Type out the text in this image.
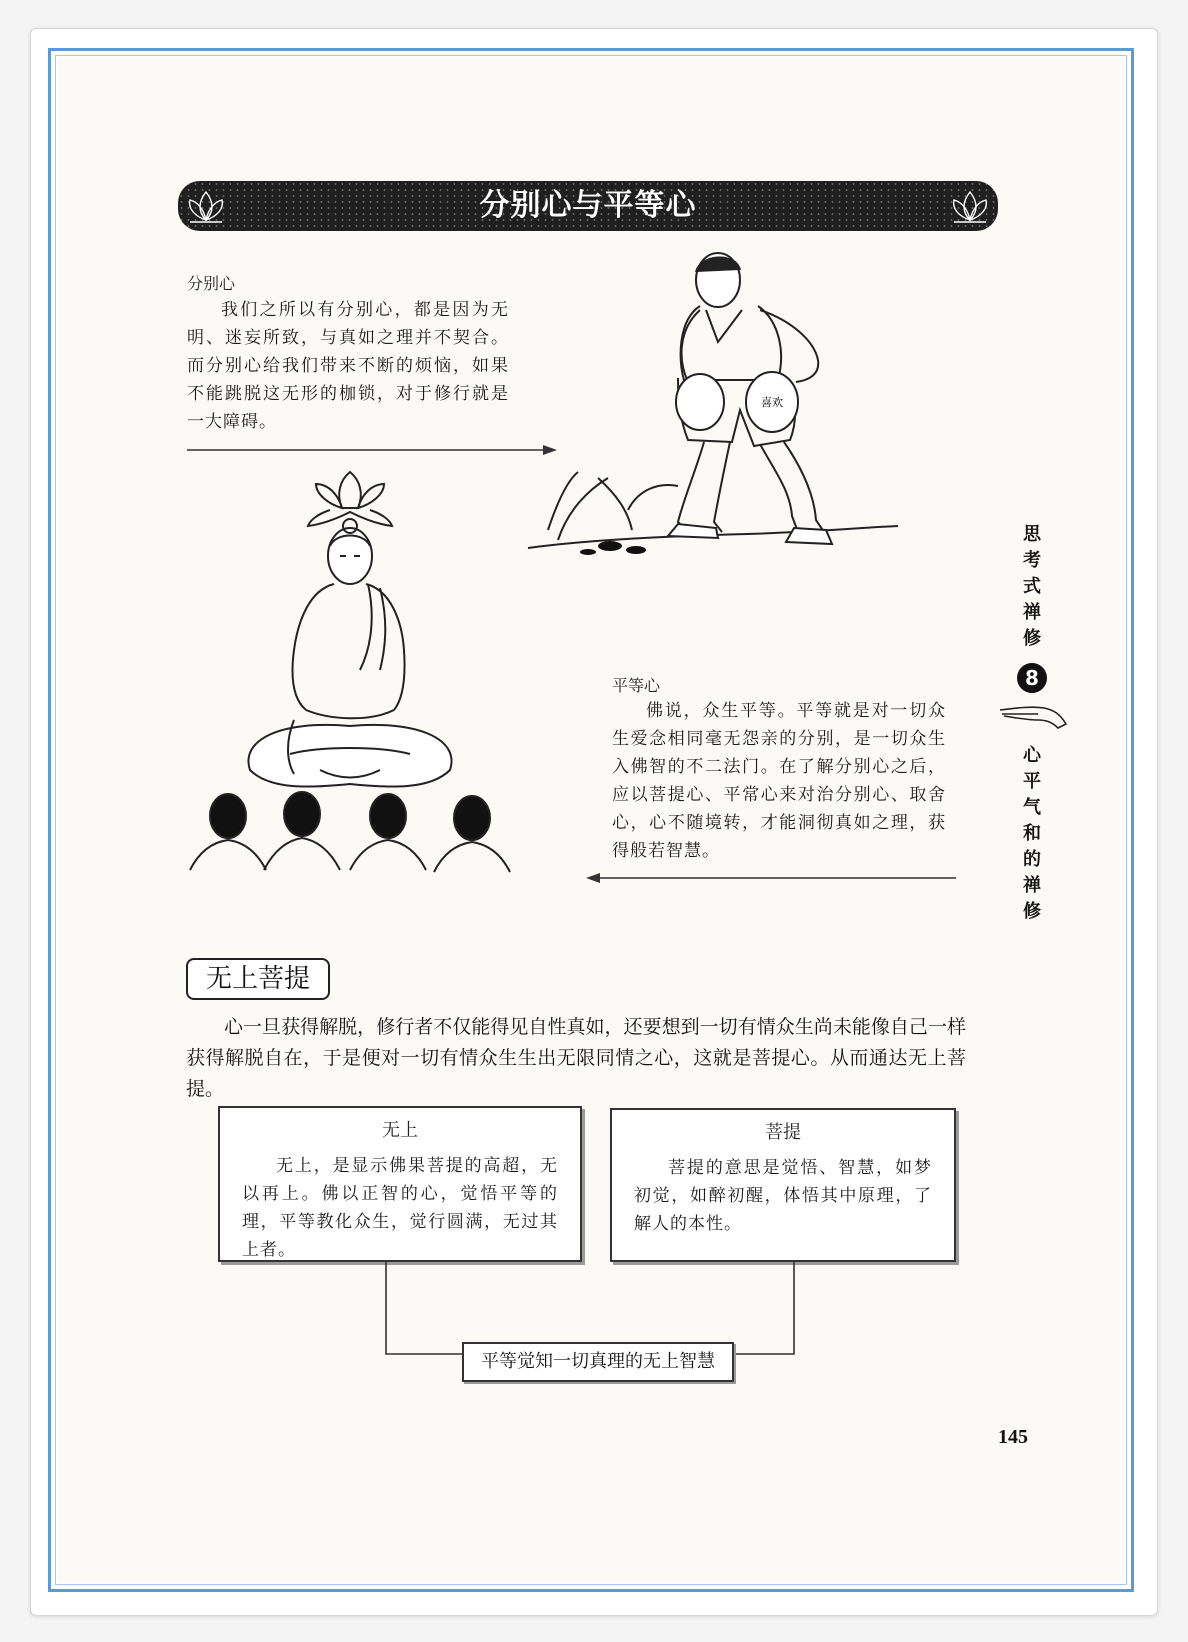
分别心与平等心
分别心
我们之所以有分别心，都是因为无明、迷妄所致，与真如之理并不契合。而分别心给我们带来不断的烦恼，如果不能跳脱这无形的枷锁，对于修行就是一大障碍。
喜欢
平等心
佛说，众生平等。平等就是对一切众生爱念相同毫无怨亲的分别，是一切众生入佛智的不二法门。在了解分别心之后，应以菩提心、平常心来对治分别心、取舍心，心不随境转，才能洞彻真如之理，获得般若智慧。
思考式禅修
8
心平气和的禅修
无上菩提
心一旦获得解脱，修行者不仅能得见自性真如，还要想到一切有情众生尚未能像自己一样获得解脱自在，于是便对一切有情众生生出无限同情之心，这就是菩提心。从而通达无上菩提。
无上
无上，是显示佛果菩提的高超，无以再上。佛以正智的心，觉悟平等的理，平等教化众生，觉行圆满，无过其上者。
菩提
菩提的意思是觉悟、智慧，如梦初觉，如醉初醒，体悟其中原理，了解人的本性。
平等觉知一切真理的无上智慧
145
